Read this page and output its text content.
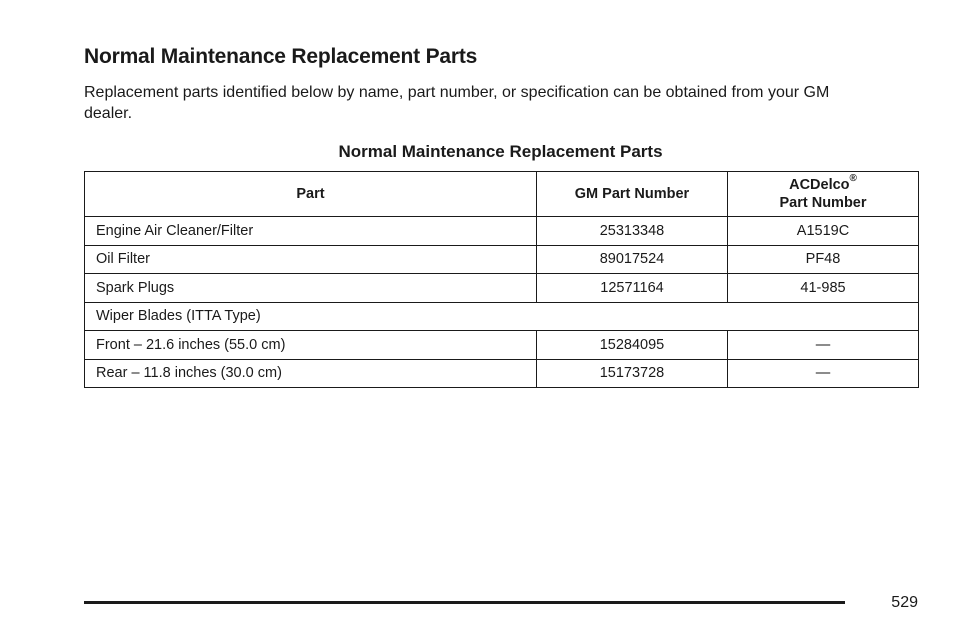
Normal Maintenance Replacement Parts

Replacement parts identified below by name, part number, or specification can be obtained from your GM dealer.

Normal Maintenance Replacement Parts
Part	GM Part Number	ACDelco®
Part Number
Engine Air Cleaner/Filter	25313348	A1519C
Oil Filter	89017524	PF48
Spark Plugs	12571164	41-985
Wiper Blades (ITTA Type)		
Front – 21.6 inches (55.0 cm)	15284095	—
Rear – 11.8 inches (30.0 cm)	15173728	—
529
